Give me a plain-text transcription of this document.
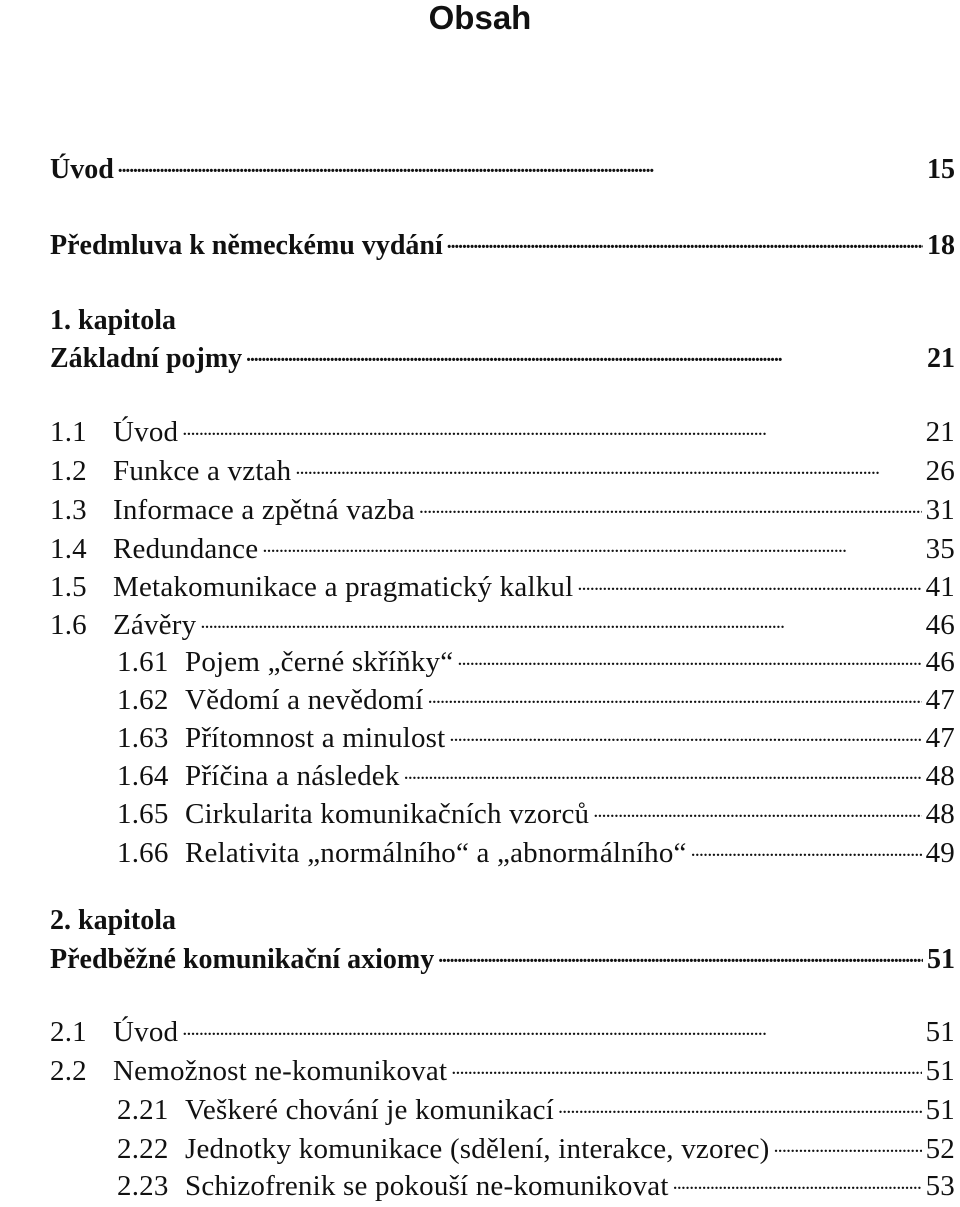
Obsah
Úvod . . .	15
Předmluva k německému vydání . . .	18
1. kapitola
Základní pojmy . . .	21
1.1 Úvod . . .	21
1.2 Funkce a vztah . . .	26
1.3 Informace a zpětná vazba . . .	31
1.4 Redundance . . .	35
1.5 Metakomunikace a pragmatický kalkul . . .	41
1.6 Závěry . . .	46
1.61 Pojem „černé skříňky“ . . .	46
1.62 Vědomí a nevědomí . . .	47
1.63 Přítomnost a minulost . . .	47
1.64 Příčina a následek . . .	48
1.65 Cirkularita komunikačních vzorců . . .	48
1.66 Relativita „normálního“ a „abnormálního“ . . .	49
2. kapitola
Předběžné komunikační axiomy . . .	51
2.1 Úvod . . .	51
2.2 Nemožnost ne-komunikovat . . .	51
2.21 Veškeré chování je komunikací . . .	51
2.22 Jednotky komunikace (sdělení, interakce, vzorec) . . .	52
2.23 Schizofrenik se pokouší ne-komunikovat . . .	53
